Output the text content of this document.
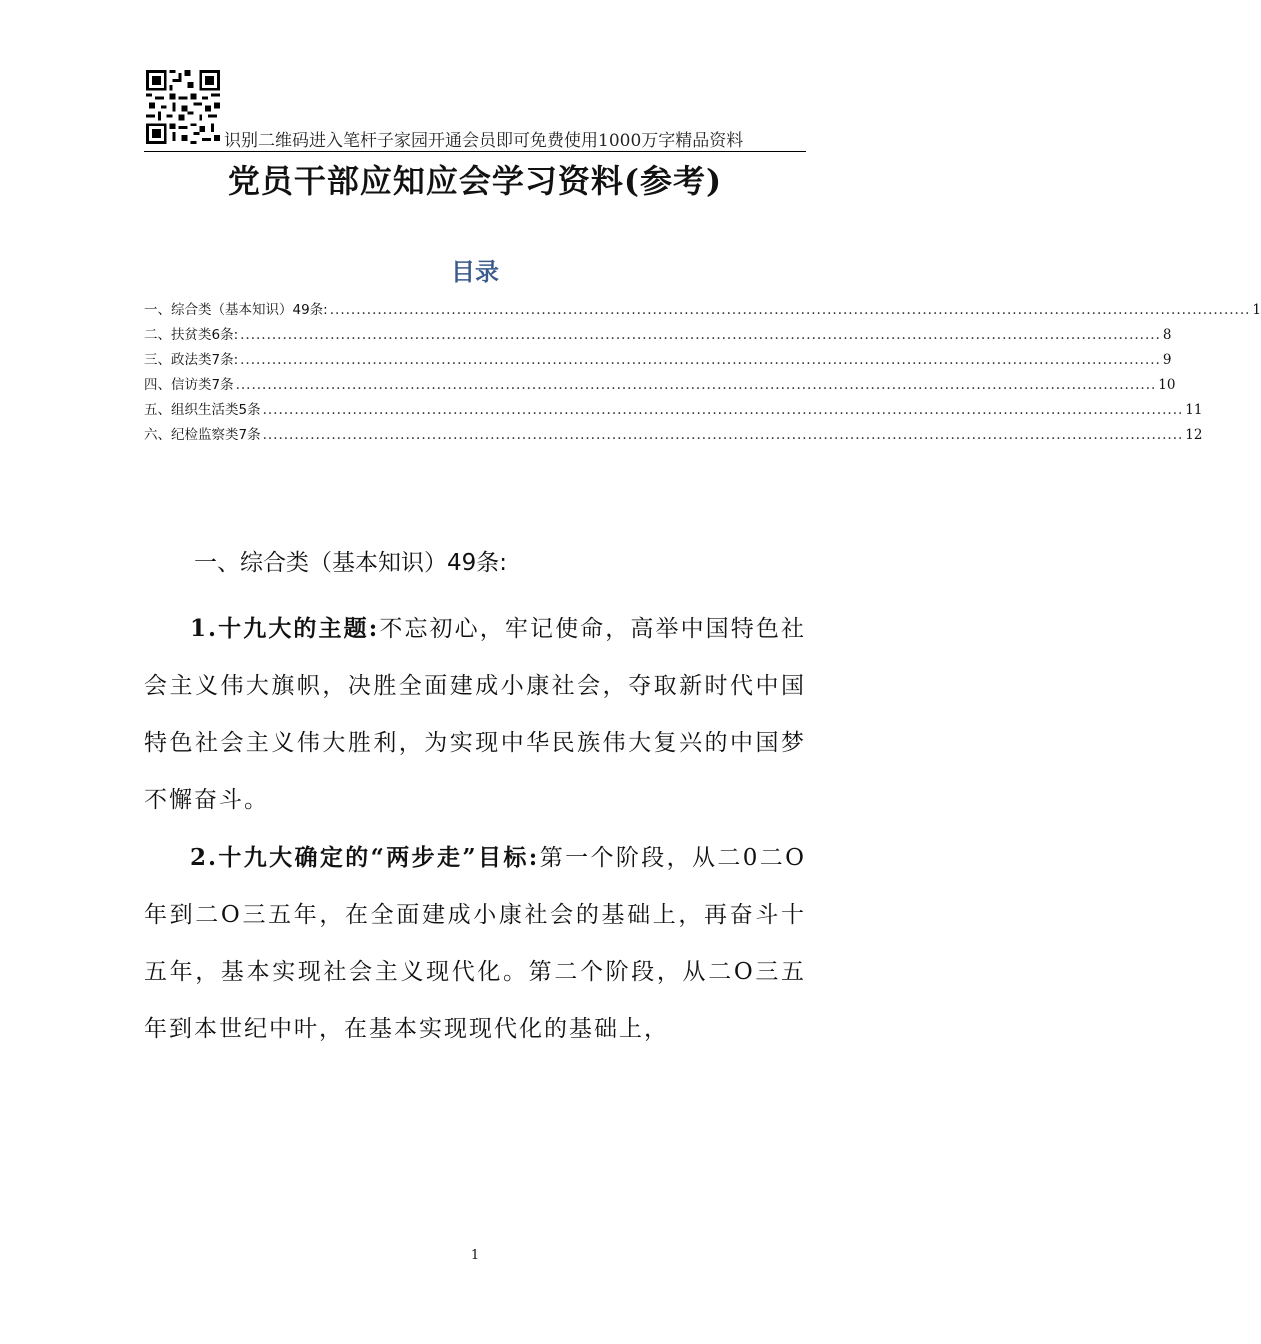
识别二维码进入笔杆子家园开通会员即可免费使用1000万字精品资料
党员干部应知应会学习资料(参考)
目录
一、综合类（基本知识）49条: .............................................................................................................................................................................. 1
二、扶贫类6条: .............................................................................................................................................................................. 8
三、政法类7条: .............................................................................................................................................................................. 9
四、信访类7条 .............................................................................................................................................................................. 10
五、组织生活类5条 .............................................................................................................................................................................. 11
六、纪检监察类7条 .............................................................................................................................................................................. 12
一、综合类（基本知识）49条:

1.十九大的主题:不忘初心，牢记使命，高举中国特色社会主义伟大旗帜，决胜全面建成小康社会，夺取新时代中国特色社会主义伟大胜利，为实现中华民族伟大复兴的中国梦不懈奋斗。

2.十九大确定的“两步走”目标:第一个阶段，从二0二O年到二O三五年，在全面建成小康社会的基础上，再奋斗十五年，基本实现社会主义现代化。第二个阶段，从二O三五年到本世纪中叶，在基本实现现代化的基础上，

1
